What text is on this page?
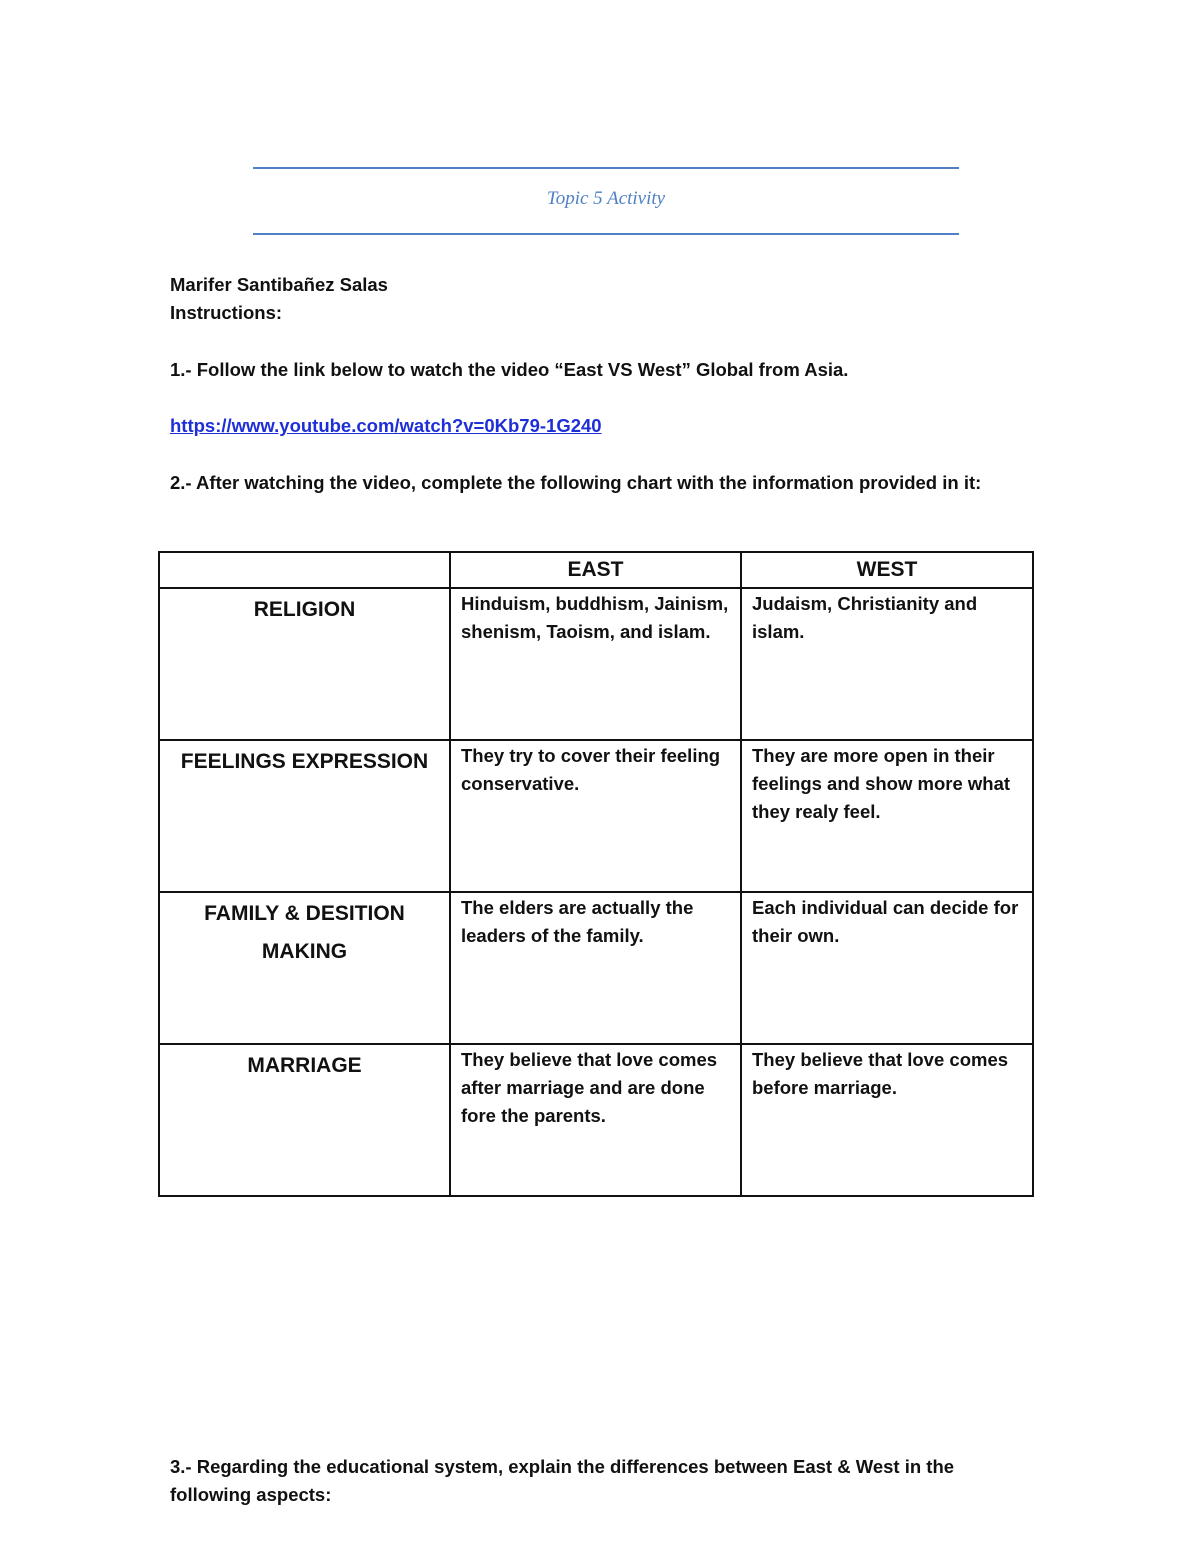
Topic 5 Activity
Marifer Santibañez Salas
Instructions:
1.- Follow the link below to watch the video “East VS West” Global from Asia.
https://www.youtube.com/watch?v=0Kb79-1G240
2.- After watching the video, complete the following chart with the information provided in it:
	EAST	WEST

RELIGION	Hinduism, buddhism, Jainism, shenism, Taoism, and islam.	Judaism, Christianity and islam.

FEELINGS EXPRESSION	They try to cover their feeling conservative.	They are more open in their feelings and show more what they realy feel.

FAMILY & DESITION MAKING	The elders are actually the leaders of the family.	Each individual can decide for their own.

MARRIAGE	They believe that love comes after marriage and are done fore the parents.	They believe that love comes before marriage.
3.- Regarding the educational system, explain the differences between East & West in the following aspects:
